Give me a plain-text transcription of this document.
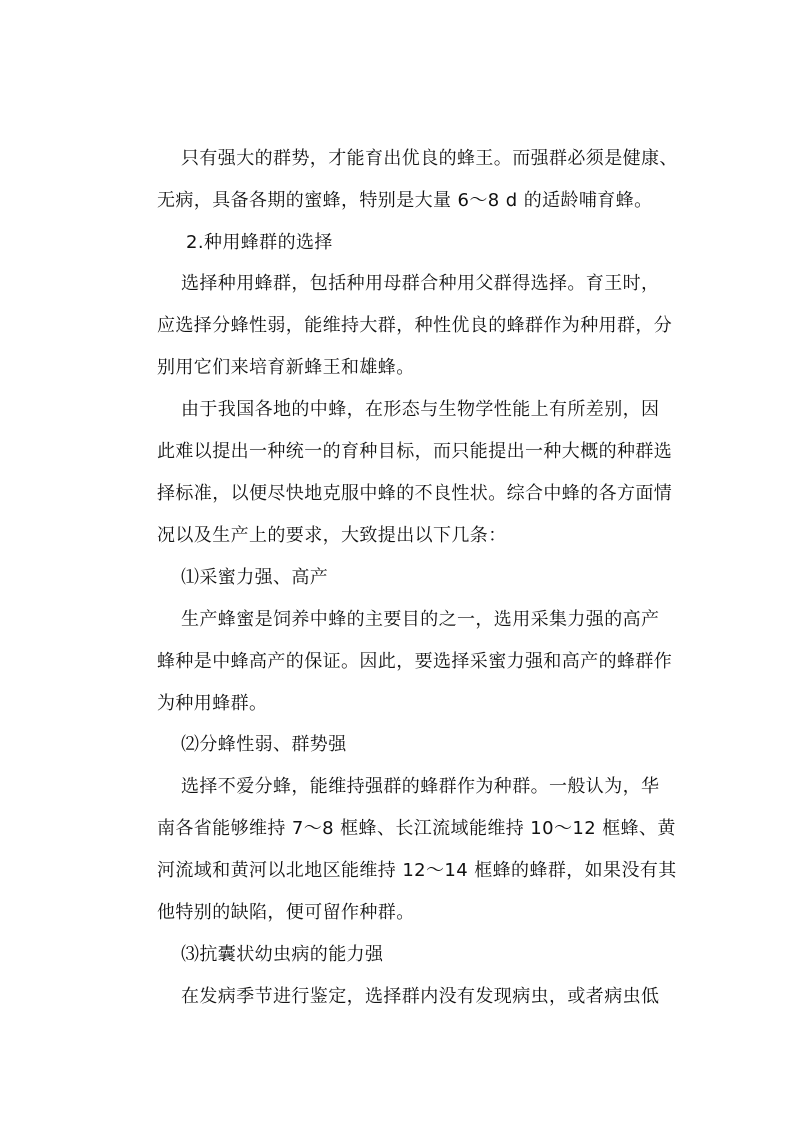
只有强大的群势，才能育出优良的蜂王。而强群必须是健康、
无病，具备各期的蜜蜂，特别是大量 6～8 d 的适龄哺育蜂。
2.种用蜂群的选择
选择种用蜂群，包括种用母群合种用父群得选择。育王时，
应选择分蜂性弱，能维持大群，种性优良的蜂群作为种用群，分
别用它们来培育新蜂王和雄蜂。
由于我国各地的中蜂，在形态与生物学性能上有所差别，因
此难以提出一种统一的育种目标，而只能提出一种大概的种群选
择标准，以便尽快地克服中蜂的不良性状。综合中蜂的各方面情
况以及生产上的要求，大致提出以下几条：
⑴采蜜力强、高产
生产蜂蜜是饲养中蜂的主要目的之一，选用采集力强的高产
蜂种是中蜂高产的保证。因此，要选择采蜜力强和高产的蜂群作
为种用蜂群。
⑵分蜂性弱、群势强
选择不爱分蜂，能维持强群的蜂群作为种群。一般认为，华
南各省能够维持 7～8 框蜂、长江流域能维持 10～12 框蜂、黄
河流域和黄河以北地区能维持 12～14 框蜂的蜂群，如果没有其
他特别的缺陷，便可留作种群。
⑶抗囊状幼虫病的能力强
在发病季节进行鉴定，选择群内没有发现病虫，或者病虫低
